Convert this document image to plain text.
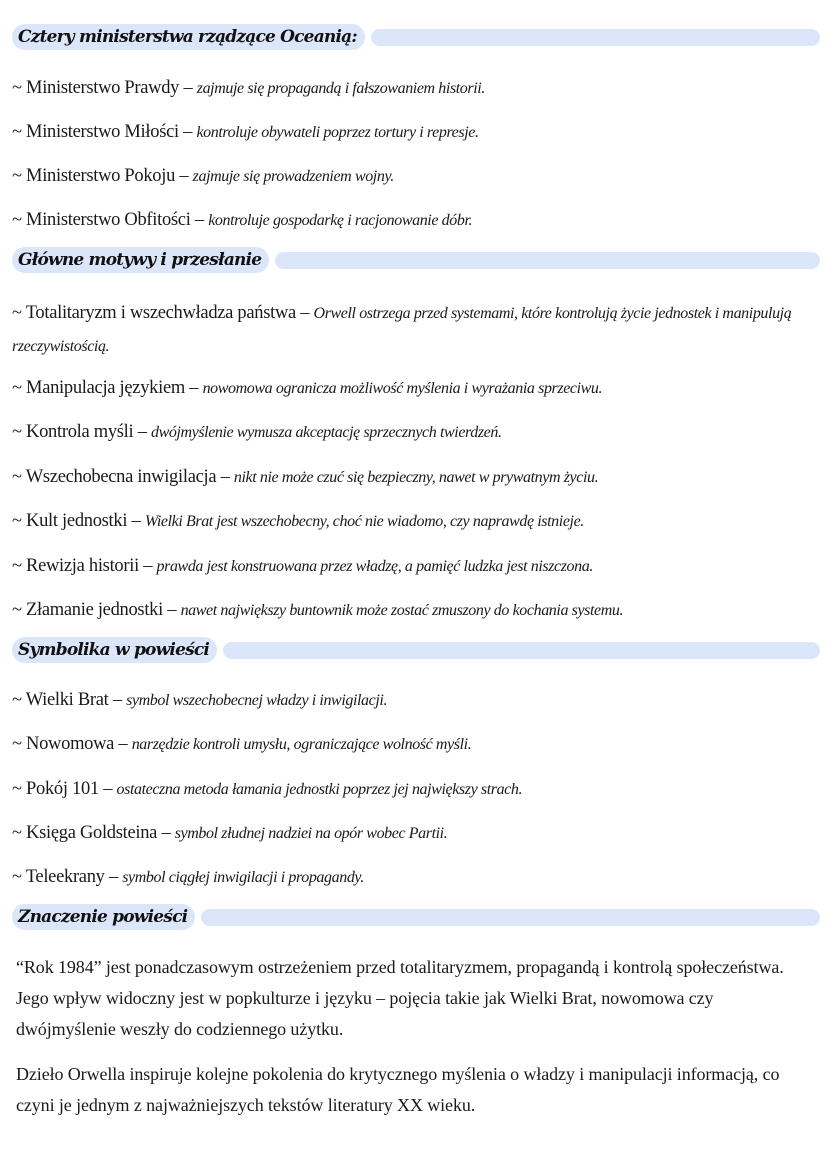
Cztery ministerstwa rządzące Oceanią:
~ Ministerstwo Prawdy – zajmuje się propagandą i fałszowaniem historii.
~ Ministerstwo Miłości – kontroluje obywateli poprzez tortury i represje.
~ Ministerstwo Pokoju – zajmuje się prowadzeniem wojny.
~ Ministerstwo Obfitości – kontroluje gospodarkę i racjonowanie dóbr.
Główne motywy i przesłanie
~ Totalitaryzm i wszechwładza państwa – Orwell ostrzega przed systemami, które kontrolują życie jednostek i manipulują rzeczywistością.
~ Manipulacja językiem – nowomowa ogranicza możliwość myślenia i wyrażania sprzeciwu.
~ Kontrola myśli – dwójmyślenie wymusza akceptację sprzecznych twierdzeń.
~ Wszechobecna inwigilacja – nikt nie może czuć się bezpieczny, nawet w prywatnym życiu.
~ Kult jednostki – Wielki Brat jest wszechobecny, choć nie wiadomo, czy naprawdę istnieje.
~ Rewizja historii – prawda jest konstruowana przez władzę, a pamięć ludzka jest niszczona.
~ Złamanie jednostki – nawet największy buntownik może zostać zmuszony do kochania systemu.
Symbolika w powieści
~ Wielki Brat – symbol wszechobecnej władzy i inwigilacji.
~ Nowomowa – narzędzie kontroli umysłu, ograniczające wolność myśli.
~ Pokój 101 – ostateczna metoda łamania jednostki poprzez jej największy strach.
~ Księga Goldsteina – symbol złudnej nadziei na opór wobec Partii.
~ Teleekrany – symbol ciągłej inwigilacji i propagandy.
Znaczenie powieści
“Rok 1984” jest ponadczasowym ostrzeżeniem przed totalitaryzmem, propagandą i kontrolą społeczeństwa. Jego wpływ widoczny jest w popkulturze i języku – pojęcia takie jak Wielki Brat, nowomowa czy dwójmyślenie weszły do codziennego użytku.
Dzieło Orwella inspiruje kolejne pokolenia do krytycznego myślenia o władzy i manipulacji informacją, co czyni je jednym z najważniejszych tekstów literatury XX wieku.
